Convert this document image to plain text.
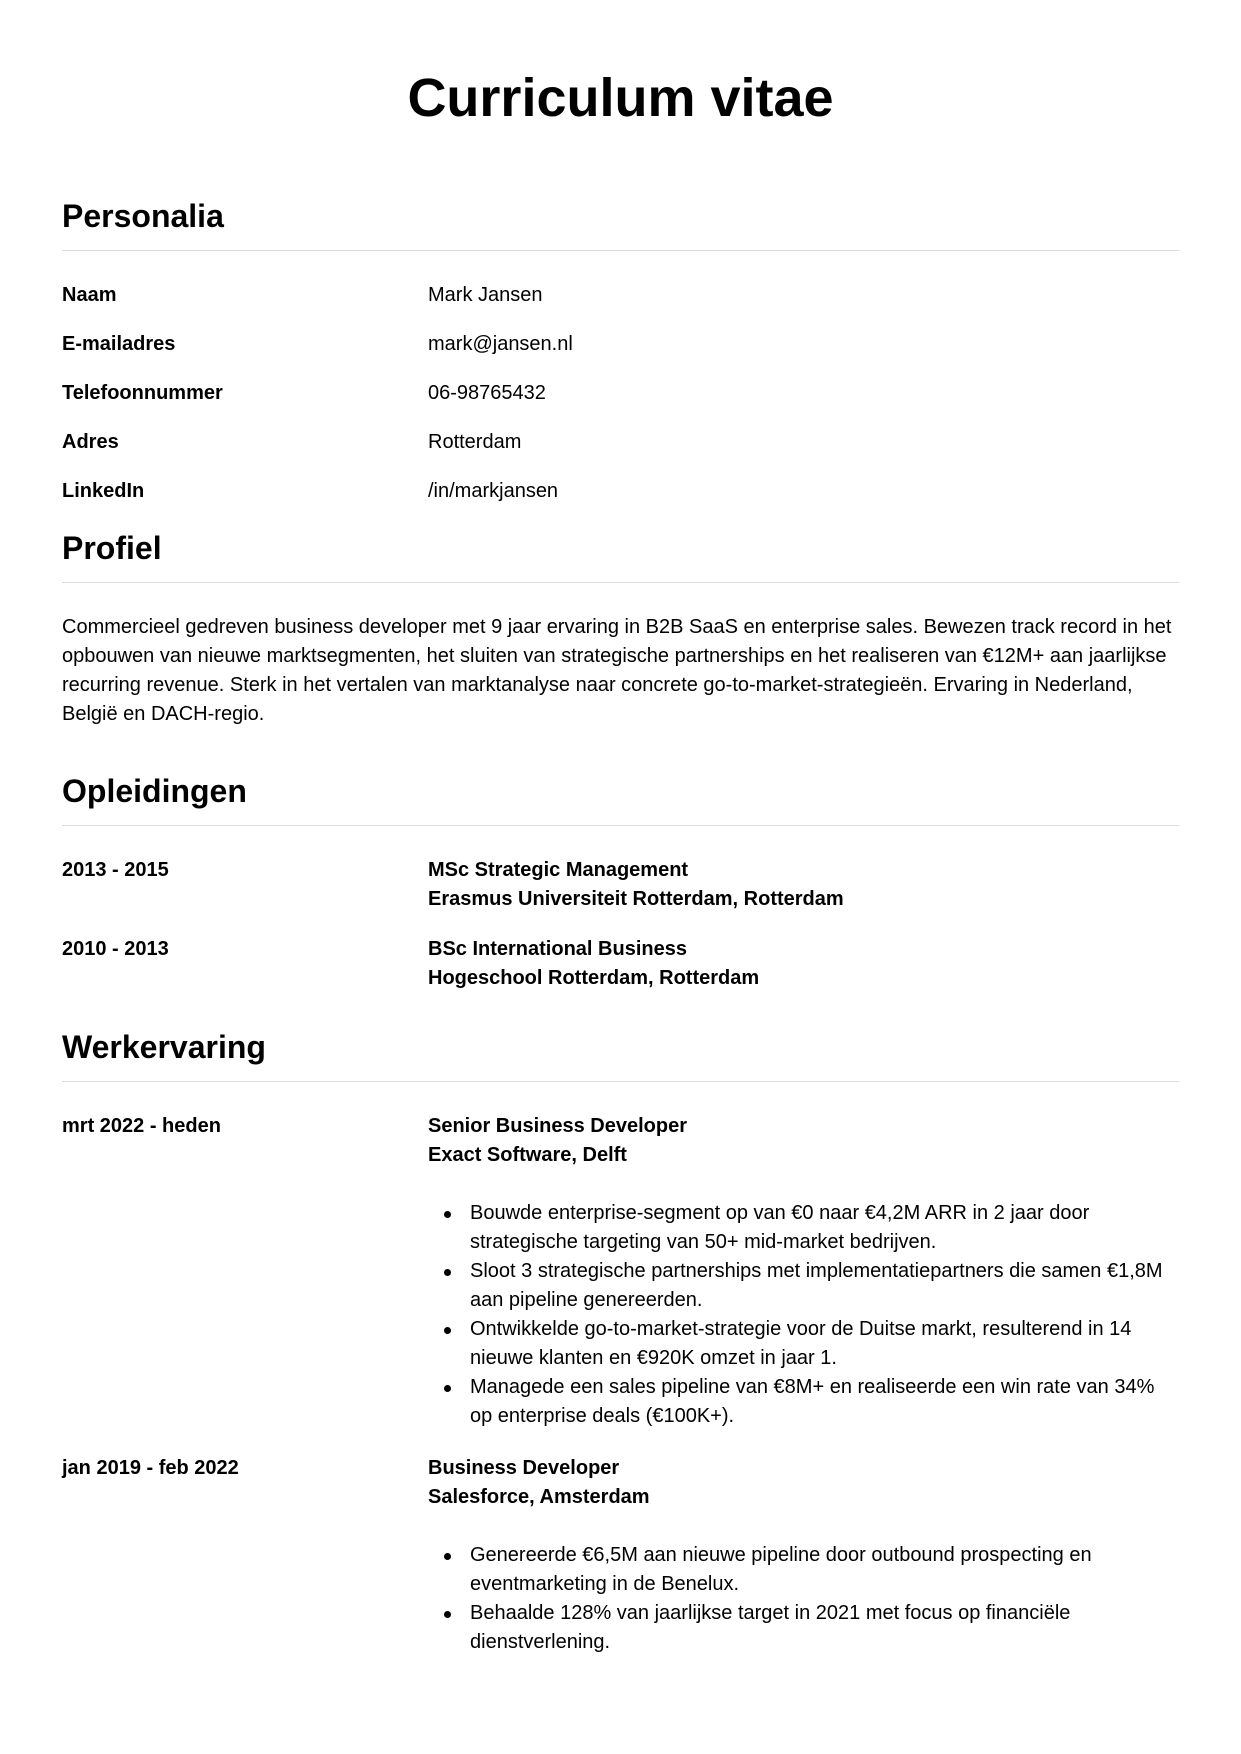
Curriculum vitae
Personalia
Naam	Mark Jansen
E-mailadres	mark@jansen.nl
Telefoonnummer	06-98765432
Adres	Rotterdam
LinkedIn	/in/markjansen
Profiel

Commercieel gedreven business developer met 9 jaar ervaring in B2B SaaS en enterprise sales. Bewezen track record in het opbouwen van nieuwe marktsegmenten, het sluiten van strategische partnerships en het realiseren van €12M+ aan jaarlijkse recurring revenue. Sterk in het vertalen van marktanalyse naar concrete go-to-market-strategieën. Ervaring in Nederland, België en DACH-regio.

Opleidingen
2013 - 2015	MSc Strategic Management
Erasmus Universiteit Rotterdam, Rotterdam
2010 - 2013	BSc International Business
Hogeschool Rotterdam, Rotterdam
Werkervaring
mrt 2022 - heden	Senior Business Developer
Exact Software, Delft
Bouwde enterprise-segment op van €0 naar €4,2M ARR in 2 jaar door strategische targeting van 50+ mid-market bedrijven.
Sloot 3 strategische partnerships met implementatiepartners die samen €1,8M aan pipeline genereerden.
Ontwikkelde go-to-market-strategie voor de Duitse markt, resulterend in 14 nieuwe klanten en €920K omzet in jaar 1.
Managede een sales pipeline van €8M+ en realiseerde een win rate van 34% op enterprise deals (€100K+).
jan 2019 - feb 2022	Business Developer
Salesforce, Amsterdam
Genereerde €6,5M aan nieuwe pipeline door outbound prospecting en eventmarketing in de Benelux.
Behaalde 128% van jaarlijkse target in 2021 met focus op financiële dienstverlening.
